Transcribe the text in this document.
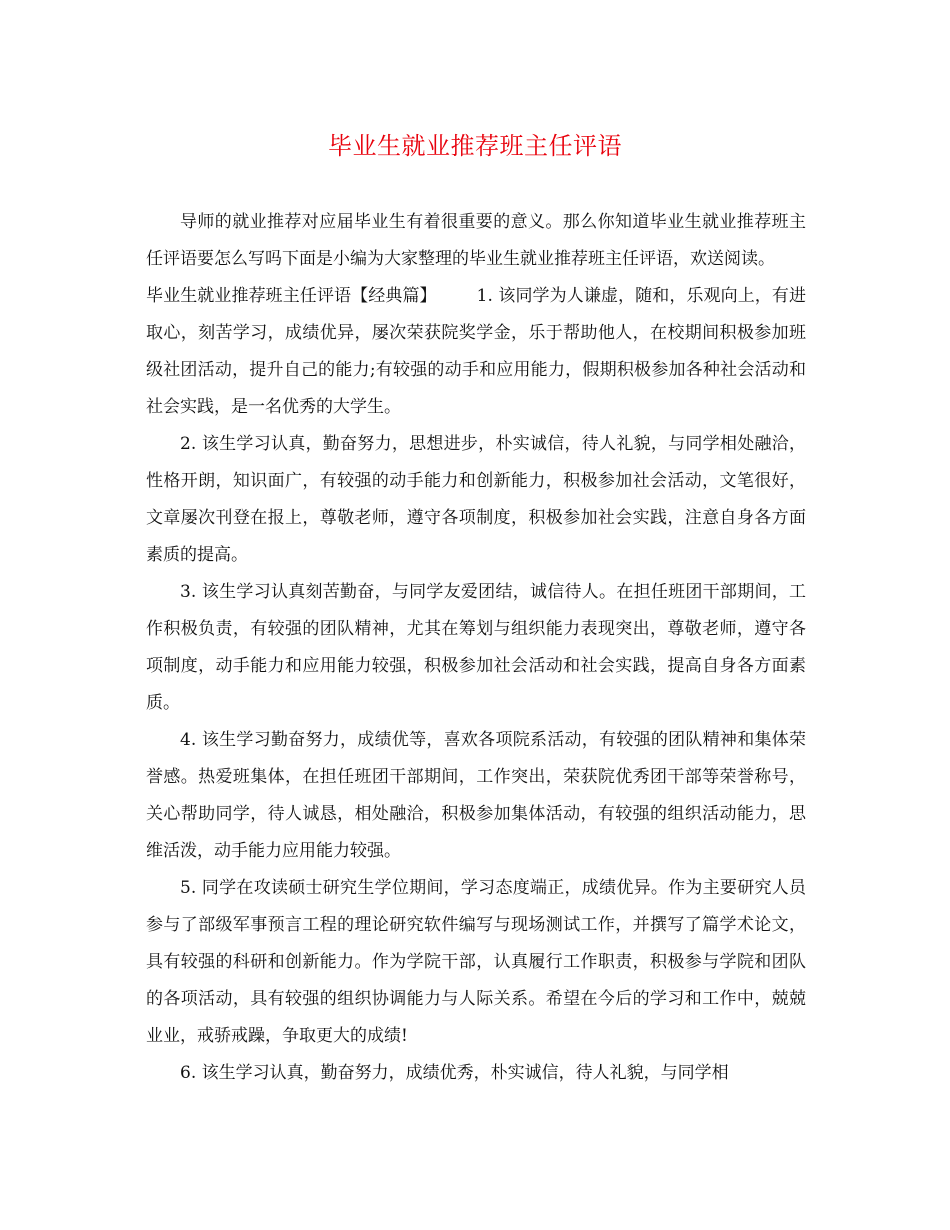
毕业生就业推荐班主任评语

导师的就业推荐对应届毕业生有着很重要的意义。那么你知道毕业生就业推荐班主任评语要怎么写吗下面是小编为大家整理的毕业生就业推荐班主任评语，欢送阅读。

毕业生就业推荐班主任评语【经典篇】 1. 该同学为人谦虚，随和，乐观向上，有进取心，刻苦学习，成绩优异，屡次荣获院奖学金，乐于帮助他人，在校期间积极参加班级社团活动，提升自己的能力;有较强的动手和应用能力，假期积极参加各种社会活动和社会实践，是一名优秀的大学生。

2. 该生学习认真，勤奋努力，思想进步，朴实诚信，待人礼貌，与同学相处融洽，性格开朗，知识面广，有较强的动手能力和创新能力，积极参加社会活动，文笔很好，文章屡次刊登在报上，尊敬老师，遵守各项制度，积极参加社会实践，注意自身各方面素质的提高。

3. 该生学习认真刻苦勤奋，与同学友爱团结，诚信待人。在担任班团干部期间，工作积极负责，有较强的团队精神，尤其在筹划与组织能力表现突出，尊敬老师，遵守各项制度，动手能力和应用能力较强，积极参加社会活动和社会实践，提高自身各方面素质。

4. 该生学习勤奋努力，成绩优等，喜欢各项院系活动，有较强的团队精神和集体荣誉感。热爱班集体，在担任班团干部期间，工作突出，荣获院优秀团干部等荣誉称号，关心帮助同学，待人诚恳，相处融洽，积极参加集体活动，有较强的组织活动能力，思维活泼，动手能力应用能力较强。

5. 同学在攻读硕士研究生学位期间，学习态度端正，成绩优异。作为主要研究人员参与了部级军事预言工程的理论研究软件编写与现场测试工作，并撰写了篇学术论文，具有较强的科研和创新能力。作为学院干部，认真履行工作职责，积极参与学院和团队的各项活动，具有较强的组织协调能力与人际关系。希望在今后的学习和工作中，兢兢业业，戒骄戒躁，争取更大的成绩!

6. 该生学习认真，勤奋努力，成绩优秀，朴实诚信，待人礼貌，与同学相
